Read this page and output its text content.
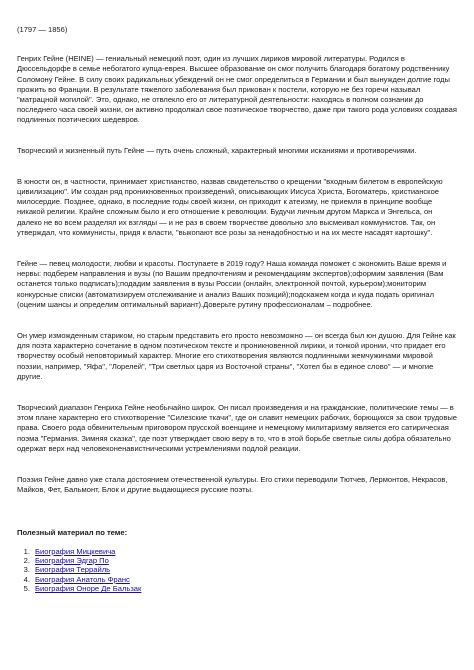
(1797 — 1856)

Генрих Гейне (HEINE) — гениальный немецкий поэт, один из лучших лириков мировой литературы. Родился в Дюссельдорфе в семье небогатого купца-еврея. Высшее образование он смог получить благодаря богатому родственнику Соломону Гейне. В силу своих радикальных убеждений он не смог определиться в Германии и был вынужден долгие годы прожить во Франции. В результате тяжелого заболевания был прикован к постели, которую не без горечи называл "матрацной могилой". Это, однако, не отвлекло его от литературной деятельности: находясь в полном сознании до последнего часа своей жизни, он активно продолжал свое поэтическое творчество, даже при такого рода условиях создавая подлинных поэтических шедевров.

Творческий и жизненный путь Гейне — путь очень сложный, характерный многими исканиями и противоречиями.

В юности он, в частности, принимает христианство, назвав свидетельство о крещении "входным билетом в европейскую цивилизацию". Им создан ряд проникновенных произведений, описывающих Иисуса Христа, Богоматерь, христианское милосердие. Позднее, однако, в последние годы своей жизни, он приходит к атеизму, не приемля в принципе вообще никакой религии. Крайне сложным было и его отношение к революции. Будучи личным другом Маркса и Энгельса, он далеко не во всем разделял их взгляды — и не раз в своем творчестве довольно зло высмеивал коммунистов. Так, он утверждал, что коммунисты, придя к власти, "выкопают все розы за ненадобностью и на их месте насадят картошку".

Гейне — певец молодости, любви и красоты. Поступаете в 2019 году? Наша команда поможет с экономить Ваше время и нервы: подберем направления и вузы (по Вашим предпочтениям и рекомендациям экспертов);оформим заявления (Вам останется только подписать);подадим заявления в вузы России (онлайн, электронной почтой, курьером);мониторим конкурсные списки (автоматизируем отслеживание и анализ Ваших позиций);подскажем когда и куда подать оригинал (оценим шансы и определим оптимальный вариант).Доверьте рутину профессионалам – подробнее.

Он умер изможденным стариком, но старым представить его просто невозможно — он всегда был юн душою. Для Гейне как для поэта характерно сочетание в одном поэтическом тексте и проникновенной лирики, и тонкой иронии, что придает его творчеству особый неповторимый характер. Многие его стихотворения являются подлинными жемчужинами мировой поэзии, например, "Яфа", "Лорелей", "Три светлых царя из Восточной страны", "Хотел бы в единое слово" — и многие другие.

Творческий диапазон Генриха Гейне необычайно широк. Он писал произведения и на гражданские, политические темы — в этом плане характерно его стихотворение "Силезские ткачи", где он славит немецких рабочих, борющихся за свои трудовые права. Своего рода обвинительным приговором прусской военщине и немецкому милитаризму является его сатирическая поэма "Германия. Зимняя сказка", где поэт утверждает свою веру в то, что в этой борьбе светлые силы добра обязательно одержат верх над человеконенавистническими устремлениями подлой реакции.

Поэзия Гейне давно уже стала достоянием отечественной культуры. Его стихи переводили Тютчев, Лермонтов, Некрасов, Майков, Фет, Бальмонт, Блок и другие выдающиеся русские поэты.

Полезный материал по теме:

1. Биография Мицкевича
2. Биография Эдгар По
3. Биография Террайль
4. Биография Анатоль Франс
5. Биография Оноре Де Бальзак
